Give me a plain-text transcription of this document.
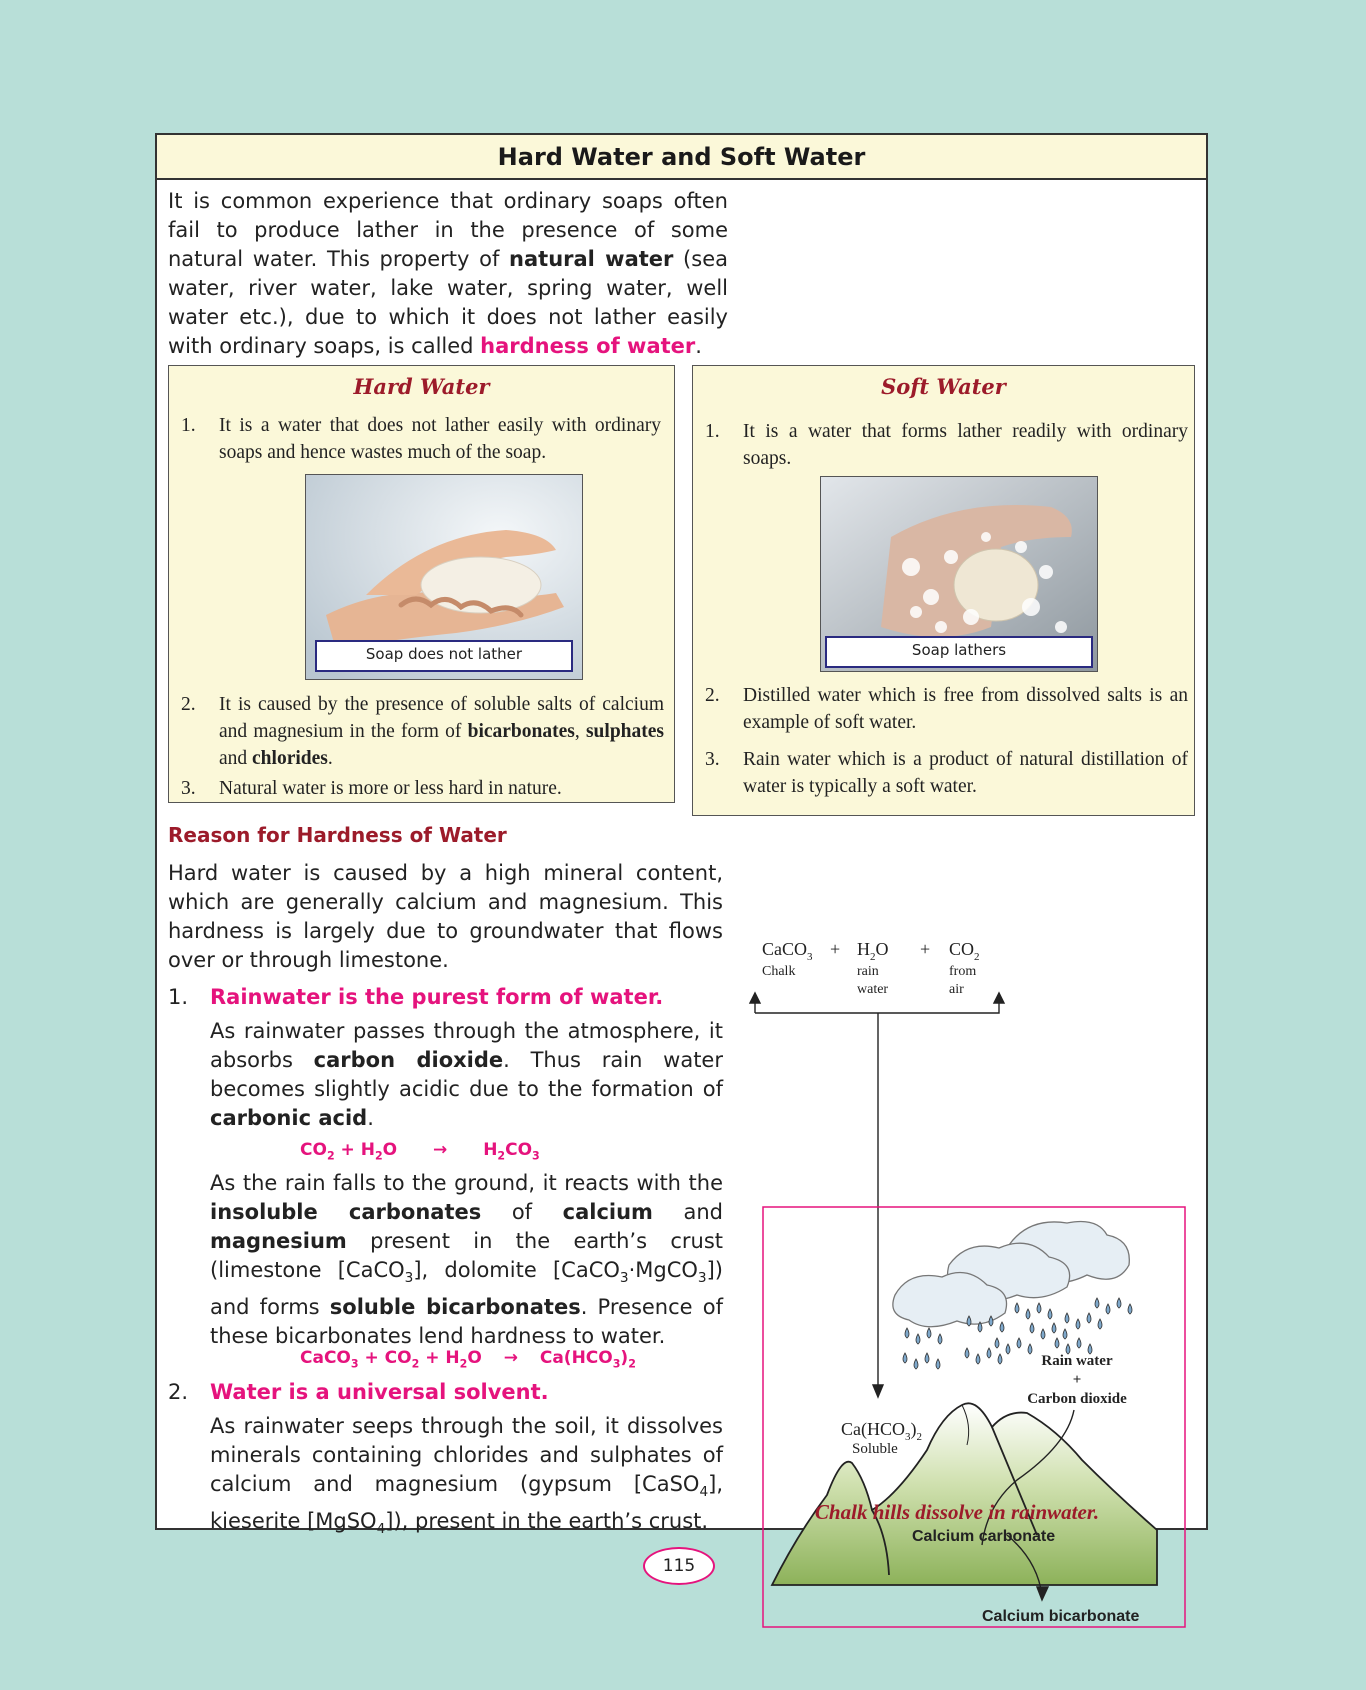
Hard Water and Soft Water
It is common experience that ordinary soaps often fail to produce lather in the presence of some natural water. This property of natural water (sea water, river water, lake water, spring water, well water etc.), due to which it does not lather easily with ordinary soaps, is called hardness of water.
Hard Water
1. It is a water that does not lather easily with ordinary soaps and hence wastes much of the soap.
Soap does not lather
2. It is caused by the presence of soluble salts of calcium and magnesium in the form of bicarbonates, sulphates and chlorides.
3. Natural water is more or less hard in nature.
Soft Water
1. It is a water that forms lather readily with ordinary soaps.
Soap lathers
2. Distilled water which is free from dissolved salts is an example of soft water.
3. Rain water which is a product of natural distillation of water is typically a soft water.
Reason for Hardness of Water
Hard water is caused by a high mineral content, which are generally calcium and magnesium. This hardness is largely due to groundwater that flows over or through limestone.
1. Rainwater is the purest form of water.
As rainwater passes through the atmosphere, it absorbs carbon dioxide. Thus rain water becomes slightly acidic due to the formation of carbonic acid.
$CO_2 + H_2O \to H_2CO_3$
As the rain falls to the ground, it reacts with the insoluble carbonates of calcium and magnesium present in the earth’s crust (limestone [CaCO$_3$], dolomite [CaCO$_3$·MgCO$_3$]) and forms soluble bicarbonates. Presence of these bicarbonates lend hardness to water.
CaCO$_3$ + $CO_2 + H_2O \to Ca(HCO_3)_2$
2. Water is a universal solvent.
As rainwater seeps through the soil, it dissolves minerals containing chlorides and sulphates of calcium and magnesium (gypsum [CaSO$_4$], kieserite [MgSO$_4$]), present in the earth’s crust.
CaCO$_3$
Chalk
+ $H_2O$
rain
water
+ $CO_2$
from
air
Rain water
+
Carbon dioxide
$Ca(HCO_3)_2$
Soluble
Calcium carbonate
Calcium bicarbonate
Chalk hills dissolve in rainwater.
115
